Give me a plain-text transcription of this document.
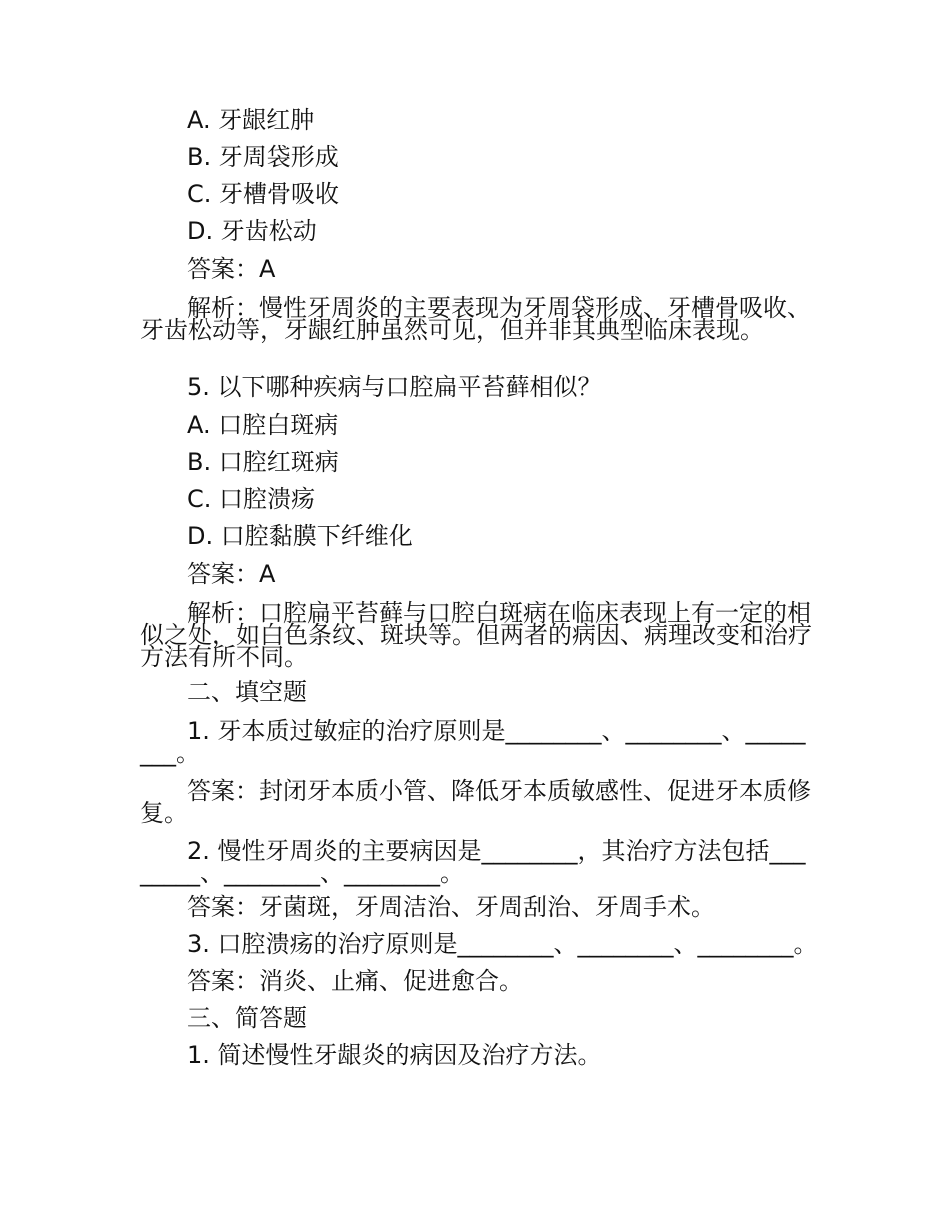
A. 牙龈红肿
B. 牙周袋形成
C. 牙槽骨吸收
D. 牙齿松动
答案：A
解析：慢性牙周炎的主要表现为牙周袋形成、牙槽骨吸收、牙齿松动等，牙龈红肿虽然可见，但并非其典型临床表现。
5. 以下哪种疾病与口腔扁平苔藓相似？
A. 口腔白斑病
B. 口腔红斑病
C. 口腔溃疡
D. 口腔黏膜下纤维化
答案：A
解析：口腔扁平苔藓与口腔白斑病在临床表现上有一定的相似之处，如白色条纹、斑块等。但两者的病因、病理改变和治疗方法有所不同。
二、填空题
1. 牙本质过敏症的治疗原则是________、________、________。
答案：封闭牙本质小管、降低牙本质敏感性、促进牙本质修复。
2. 慢性牙周炎的主要病因是________，其治疗方法包括________、________、________。
答案：牙菌斑，牙周洁治、牙周刮治、牙周手术。
3. 口腔溃疡的治疗原则是________、________、________。
答案：消炎、止痛、促进愈合。
三、简答题
1. 简述慢性牙龈炎的病因及治疗方法。
